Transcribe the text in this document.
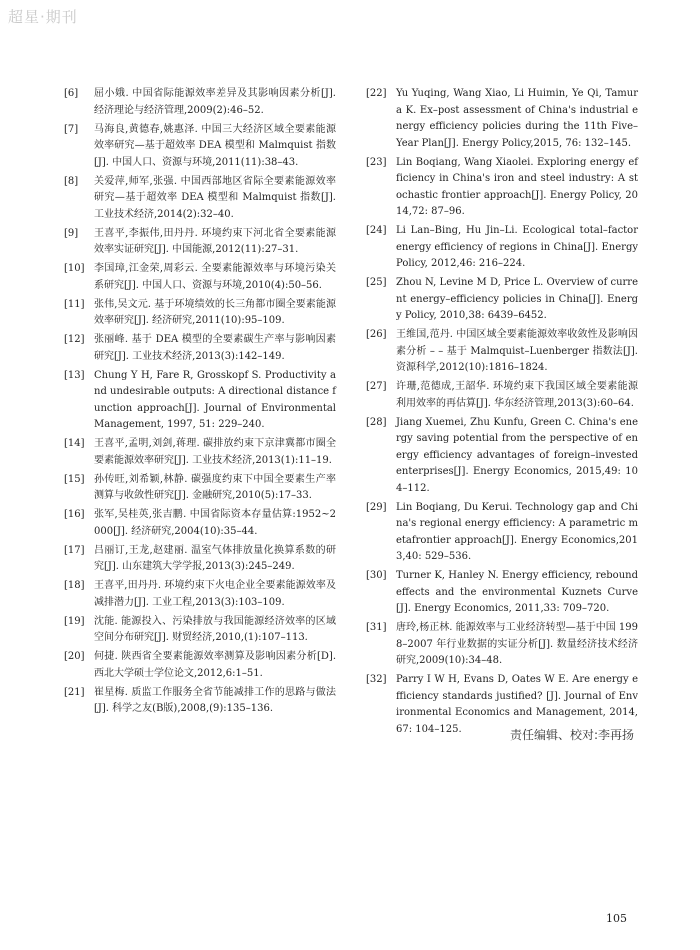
超星·期刊
[6]	屈小娥. 中国省际能源效率差异及其影响因素分析[J]. 经济理论与经济管理,2009(2):46–52.
[7]	马海良,黄德春,姚惠泽. 中国三大经济区域全要素能源效率研究—基于超效率 DEA 模型和 Malmquist 指数[J]. 中国人口、资源与环境,2011(11):38–43.
[8]	关爱萍,师军,张强. 中国西部地区省际全要素能源效率研究—基于超效率 DEA 模型和 Malmquist 指数[J]. 工业技术经济,2014(2):32–40.
[9]	王喜平,李振伟,田丹丹. 环境约束下河北省全要素能源效率实证研究[J]. 中国能源,2012(11):27–31.
[10] 李国璋,江金荣,周彩云. 全要素能源效率与环境污染关系研究[J]. 中国人口、资源与环境,2010(4):50–56.
[11] 张伟,吴文元. 基于环境绩效的长三角都市圈全要素能源效率研究[J]. 经济研究,2011(10):95–109.
[12] 张丽峰. 基于 DEA 模型的全要素碳生产率与影响因素研究[J]. 工业技术经济,2013(3):142–149.
[13] Chung Y H, Fare R, Grosskopf S. Productivity and undesirable outputs: A directional distance function approach[J]. Journal of Environmental Management, 1997, 51: 229–240.
[14] 王喜平,孟明,刘剑,蒋理. 碳排放约束下京津冀都市圈全要素能源效率研究[J]. 工业技术经济,2013(1):11–19.
[15] 孙传旺,刘希颖,林静. 碳强度约束下中国全要素生产率测算与收敛性研究[J]. 金融研究,2010(5):17–33.
[16] 张军,吴桂英,张吉鹏. 中国省际资本存量估算:1952~2000[J]. 经济研究,2004(10):35–44.
[17] 吕丽订,王龙,赵建丽. 温室气体排放量化换算系数的研究[J]. 山东建筑大学学报,2013(3):245–249.
[18] 王喜平,田丹丹. 环境约束下火电企业全要素能源效率及减排潜力[J]. 工业工程,2013(3):103–109.
[19] 沈能. 能源投入、污染排放与我国能源经济效率的区域空间分布研究[J]. 财贸经济,2010,(1):107–113.
[20] 何捷. 陕西省全要素能源效率测算及影响因素分析[D]. 西北大学硕士学位论文,2012,6:1–51.
[21] 崔星梅. 质监工作服务全省节能减排工作的思路与做法[J]. 科学之友(B版),2008,(9):135–136.
[22] Yu Yuqing, Wang Xiao, Li Huimin, Ye Qi, Tamura K. Ex–post assessment of China's industrial energy efficiency policies during the 11th Five–Year Plan[J]. Energy Policy,2015, 76: 132–145.
[23] Lin Boqiang, Wang Xiaolei. Exploring energy efficiency in China's iron and steel industry: A stochastic frontier approach[J]. Energy Policy, 2014,72: 87–96.
[24] Li Lan–Bing, Hu Jin–Li. Ecological total–factor energy efficiency of regions in China[J]. Energy Policy, 2012,46: 216–224.
[25] Zhou N, Levine M D, Price L. Overview of current energy–efficiency policies in China[J]. Energy Policy, 2010,38: 6439–6452.
[26] 王维国,范丹. 中国区域全要素能源效率收敛性及影响因素分析 – – 基于 Malmquist–Luenberger 指数法[J]. 资源科学,2012(10):1816–1824.
[27] 许珊,范德成,王韶华. 环境约束下我国区域全要素能源利用效率的再估算[J]. 华东经济管理,2013(3):60–64.
[28] Jiang Xuemei, Zhu Kunfu, Green C. China's energy saving potential from the perspective of energy efficiency advantages of foreign–invested enterprises[J]. Energy Economics, 2015,49: 104–112.
[29] Lin Boqiang, Du Kerui. Technology gap and China's regional energy efficiency: A parametric metafrontier approach[J]. Energy Economics,2013,40: 529–536.
[30] Turner K, Hanley N. Energy efficiency, rebound effects and the environmental Kuznets Curve[J]. Energy Economics, 2011,33: 709–720.
[31] 唐玲,杨正林. 能源效率与工业经济转型—基于中国 1998–2007 年行业数据的实证分析[J]. 数量经济技术经济研究,2009(10):34–48.
[32] Parry I W H, Evans D, Oates W E. Are energy efficiency standards justified? [J]. Journal of Environmental Economics and Management, 2014, 67: 104–125.	责任编辑、校对:李再扬
105
